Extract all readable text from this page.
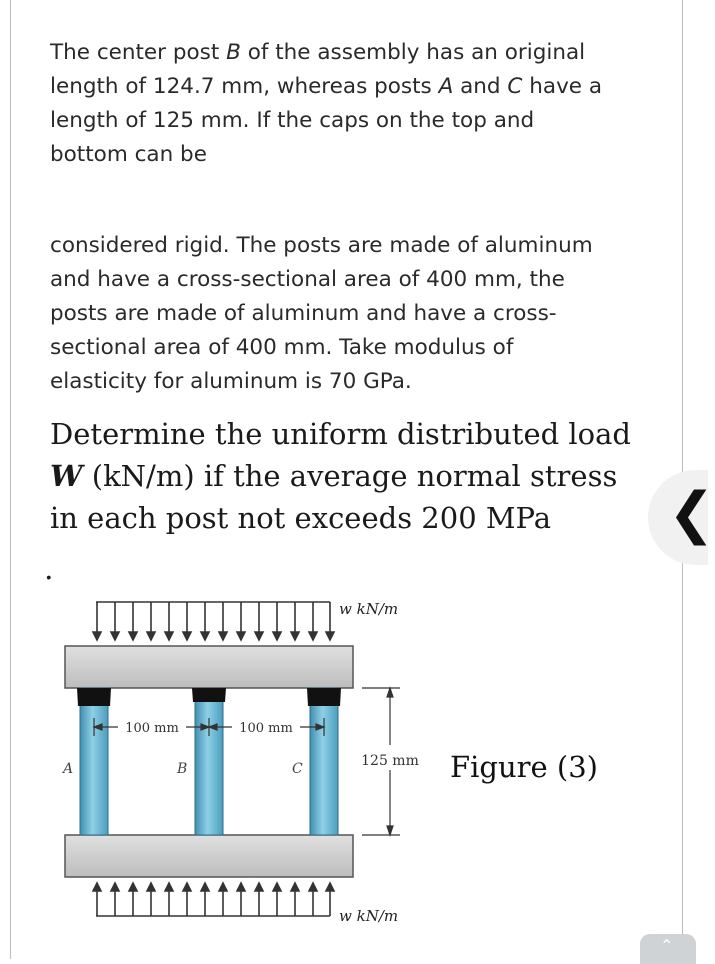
The center post B of the assembly has an original
length of 124.7 mm, whereas posts A and C have a
length of 125 mm. If the caps on the top and
bottom can be

considered rigid. The posts are made of aluminum
and have a cross-sectional area of 400 mm, the
posts are made of aluminum and have a cross-
sectional area of 400 mm. Take modulus of
elasticity for aluminum is 70 GPa.

Determine the uniform distributed load W (kN/m) if the average normal stress in each post not exceeds 200 MPa

.
w kN/m
A	B	C
100 mm	100 mm
125 mm
w kN/m
Figure (3)
❮
⌃
